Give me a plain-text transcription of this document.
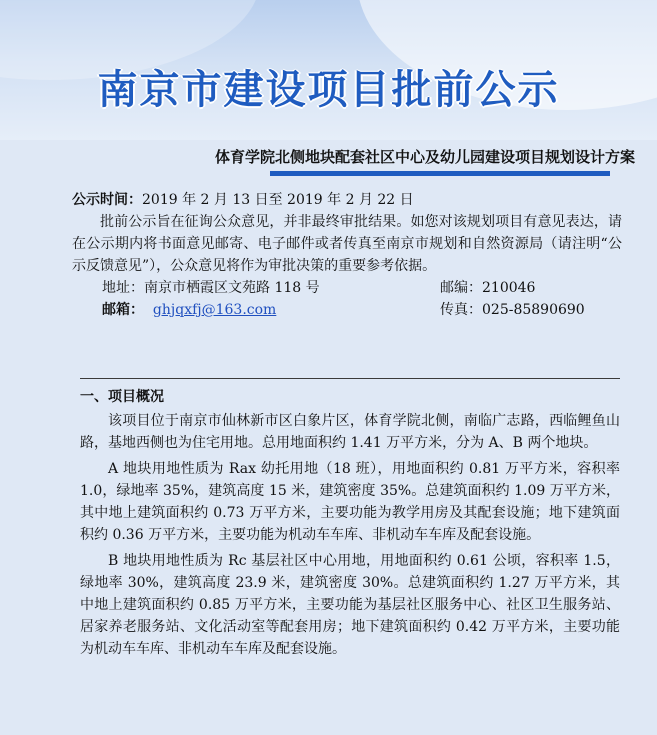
南京市建设项目批前公示
体育学院北侧地块配套社区中心及幼儿园建设项目规划设计方案
公示时间：2019 年 2 月 13 日至 2019 年 2 月 22 日
批前公示旨在征询公众意见，并非最终审批结果。如您对该规划项目有意见表达，请在公示期内将书面意见邮寄、电子邮件或者传真至南京市规划和自然资源局（请注明“公示反馈意见”），公众意见将作为审批决策的重要参考依据。
地址：南京市栖霞区文苑路 118 号	邮编：210046
邮箱： ghjqxfj@163.com	传真：025-85890690
一、项目概况
该项目位于南京市仙林新市区白象片区，体育学院北侧，南临广志路，西临鲤鱼山路，基地西侧也为住宅用地。总用地面积约 1.41 万平方米，分为 A、B 两个地块。
A 地块用地性质为 Rax 幼托用地（18 班），用地面积约 0.81 万平方米，容积率 1.0，绿地率 35%，建筑高度 15 米，建筑密度 35%。总建筑面积约 1.09 万平方米，其中地上建筑面积约 0.73 万平方米，主要功能为教学用房及其配套设施；地下建筑面积约 0.36 万平方米，主要功能为机动车车库、非机动车车库及配套设施。
B 地块用地性质为 Rc 基层社区中心用地，用地面积约 0.61 公顷，容积率 1.5，绿地率 30%，建筑高度 23.9 米，建筑密度 30%。总建筑面积约 1.27 万平方米，其中地上建筑面积约 0.85 万平方米，主要功能为基层社区服务中心、社区卫生服务站、居家养老服务站、文化活动室等配套用房；地下建筑面积约 0.42 万平方米，主要功能为机动车车库、非机动车车库及配套设施。
